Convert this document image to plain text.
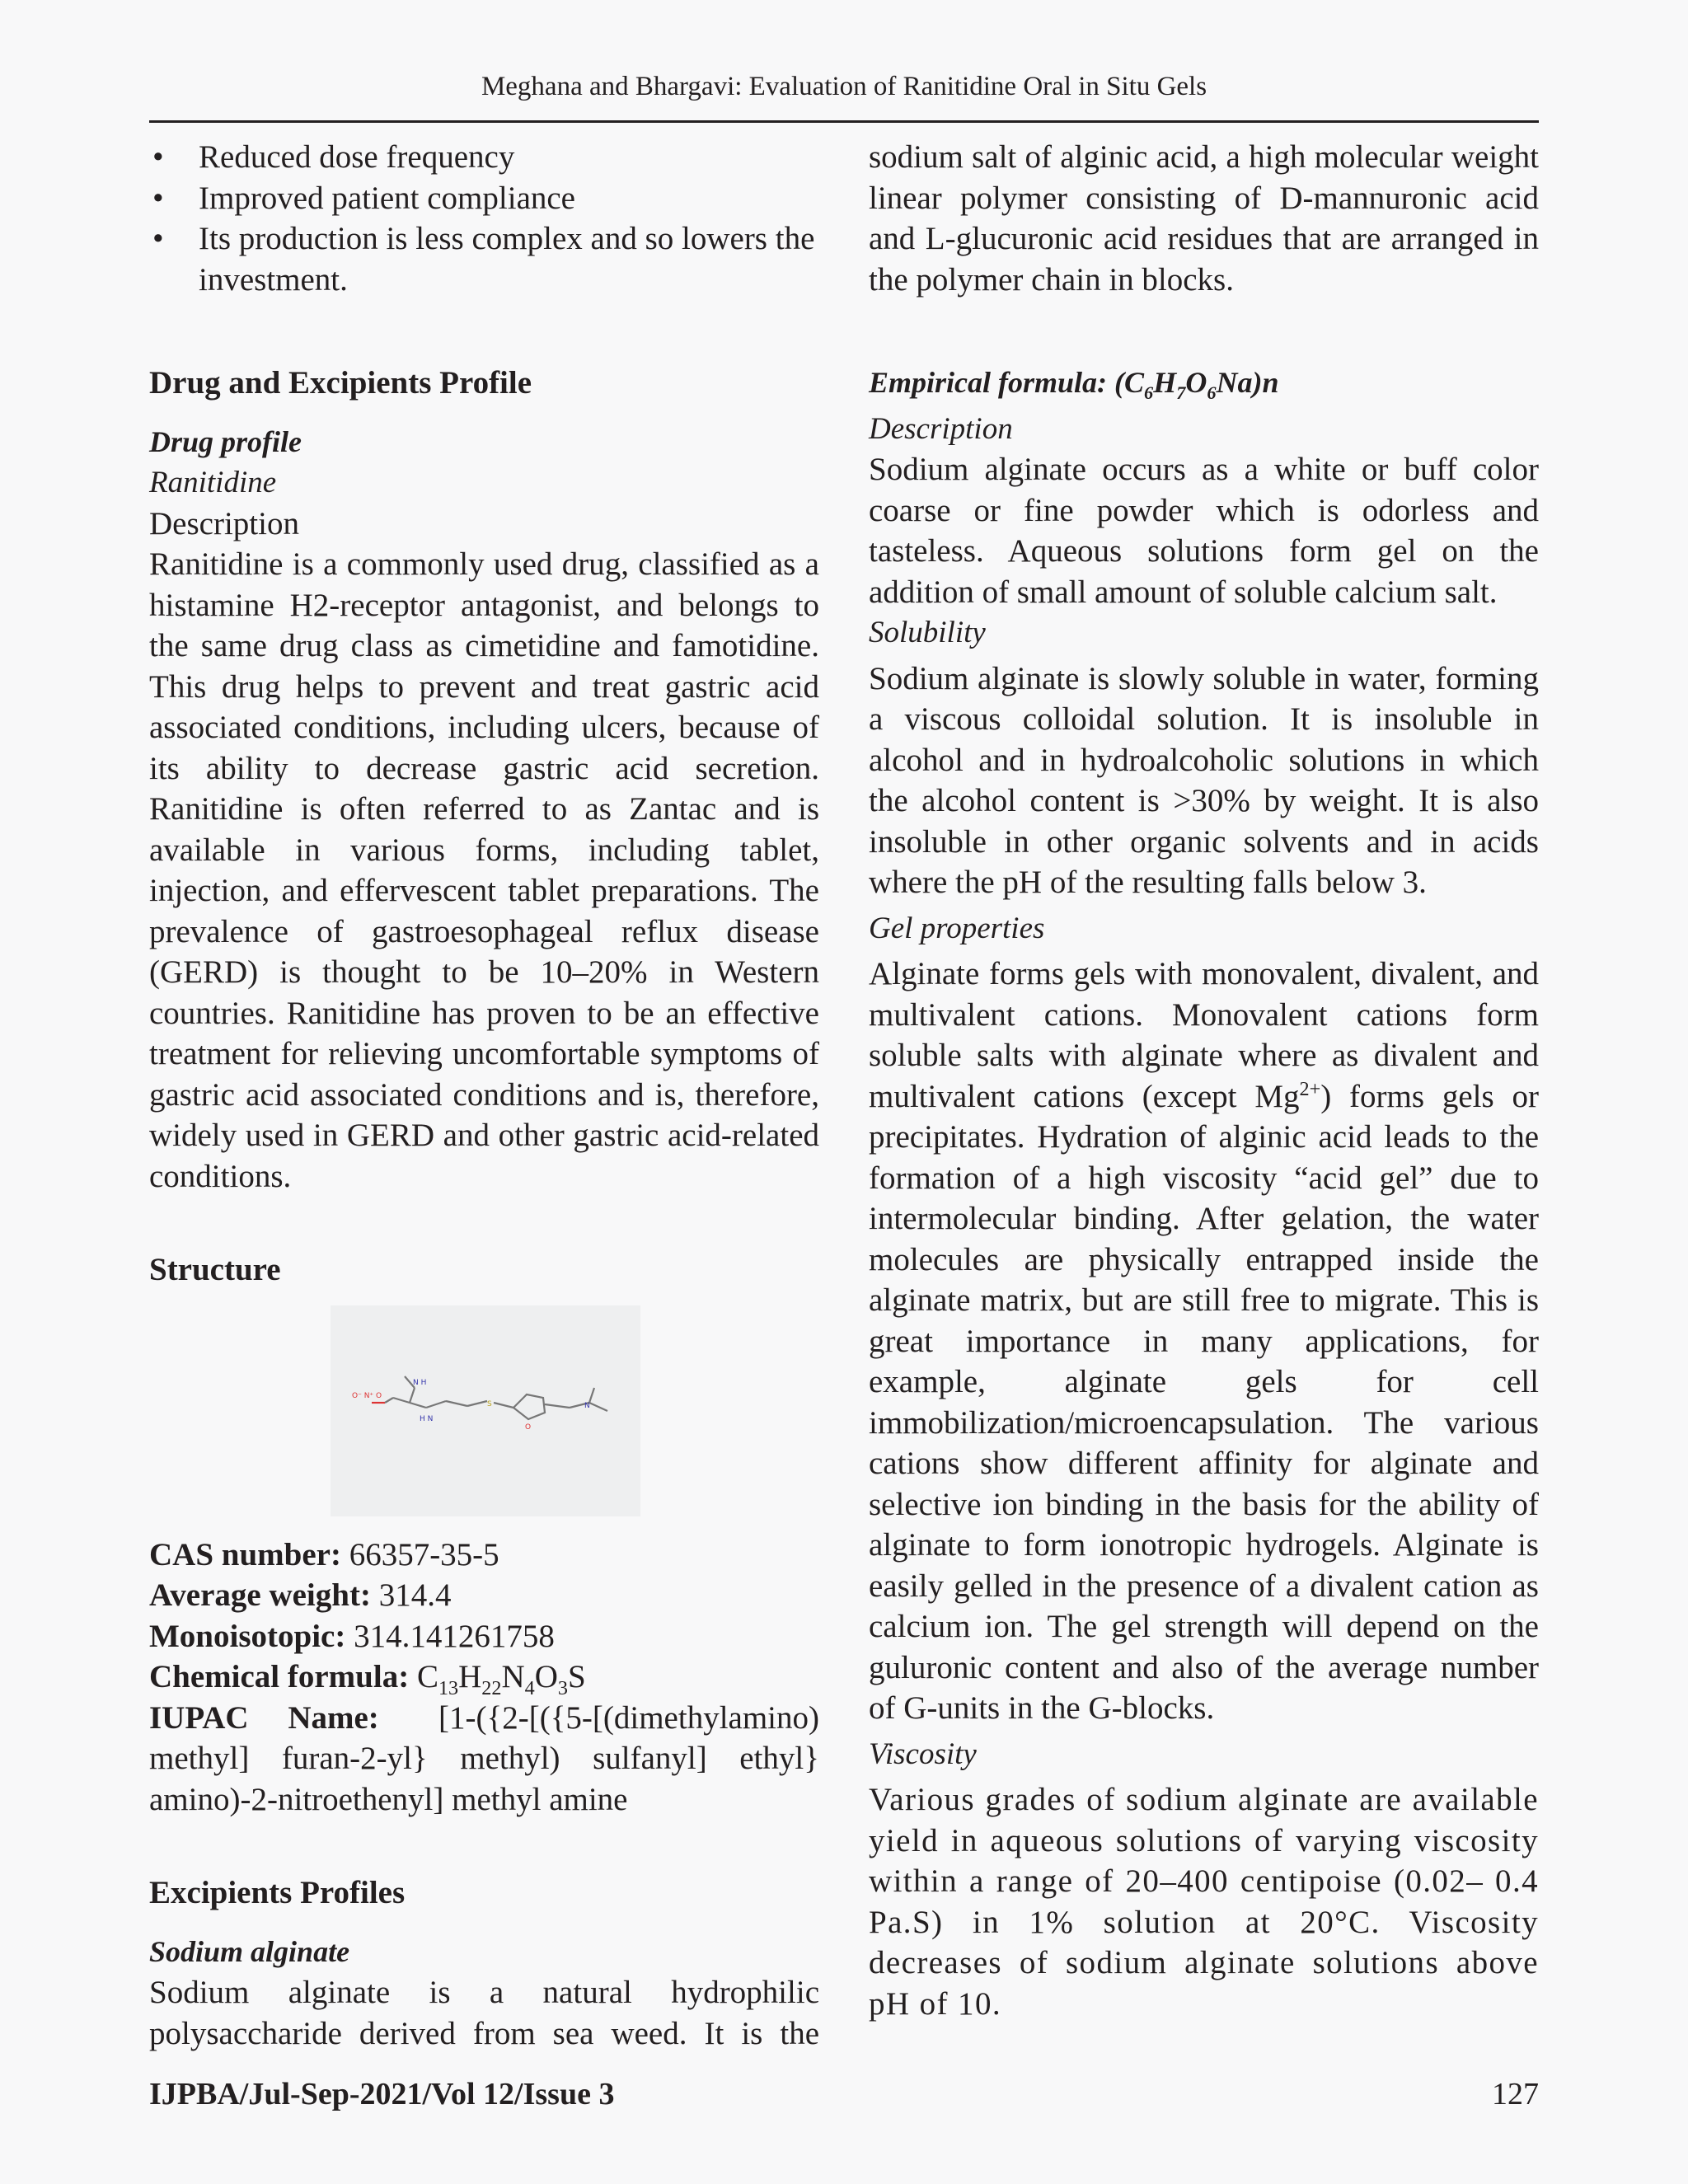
Meghana and Bhargavi: Evaluation of Ranitidine Oral in Situ Gels
• Reduced dose frequency
• Improved patient compliance
• Its production is less complex and so lowers the investment.

Drug and Excipients Profile

Drug profile

Ranitidine

Description

Ranitidine is a commonly used drug, classified as a histamine H2-receptor antagonist, and belongs to the same drug class as cimetidine and famotidine. This drug helps to prevent and treat gastric acid associated conditions, including ulcers, because of its ability to decrease gastric acid secretion. Ranitidine is often referred to as Zantac and is available in various forms, including tablet, injection, and effervescent tablet preparations. The prevalence of gastroesophageal reflux disease (GERD) is thought to be 10–20% in Western countries. Ranitidine has proven to be an effective treatment for relieving uncomfortable symptoms of gastric acid associated conditions and is, therefore, widely used in GERD and other gastric acid-related conditions.

Structure

O⁻ N⁺ O
N H
H N
S
O
N

CAS number: 66357-35-5

Average weight: 314.4

Monoisotopic: 314.141261758

Chemical formula: $C_{13}H_{22}N_4O_3S$

IUPAC Name: [1-({2-[({5-[(dimethylamino)
methyl] furan-2-yl} methyl) sulfanyl] ethyl}

amino)-2-nitroethenyl] methyl amine

Excipients Profiles

Sodium alginate

Sodium alginate is a natural hydrophilic polysaccharide derived from sea weed. It is the

sodium salt of alginic acid, a high molecular weight linear polymer consisting of D-mannuronic acid and L-glucuronic acid residues that are arranged in the polymer chain in blocks.

Empirical formula: $(C_6H_7O_6Na)n$

Description

Sodium alginate occurs as a white or buff color coarse or fine powder which is odorless and tasteless. Aqueous solutions form gel on the addition of small amount of soluble calcium salt.

Solubility

Sodium alginate is slowly soluble in water, forming a viscous colloidal solution. It is insoluble in alcohol and in hydroalcoholic solutions in which the alcohol content is >30% by weight. It is also insoluble in other organic solvents and in acids where the pH of the resulting falls below 3.

Gel properties

Alginate forms gels with monovalent, divalent, and multivalent cations. Monovalent cations form soluble salts with alginate where as divalent and multivalent cations (except $Mg^{2+}$) forms gels or precipitates. Hydration of alginic acid leads to the formation of a high viscosity “acid gel” due to intermolecular binding. After gelation, the water molecules are physically entrapped inside the alginate matrix, but are still free to migrate. This is great importance in many applications, for example, alginate gels for cell immobilization/microencapsulation. The various cations show different affinity for alginate and selective ion binding in the basis for the ability of alginate to form ionotropic hydrogels. Alginate is easily gelled in the presence of a divalent cation as calcium ion. The gel strength will depend on the guluronic content and also of the average number of G-units in the G-blocks.

Viscosity

Various grades of sodium alginate are available yield in aqueous solutions of varying viscosity within a range of 20–400 centipoise (0.02– 0.4 Pa.S) in 1% solution at 20°C. Viscosity decreases of sodium alginate solutions above pH of 10.

IJPBA/Jul-Sep-2021/Vol 12/Issue 3	127
